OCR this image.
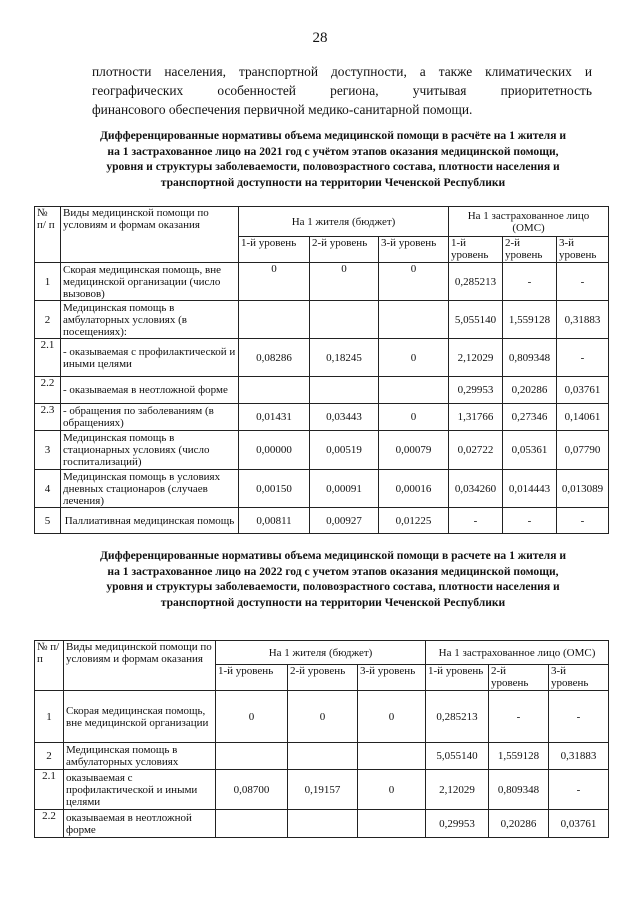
28
плотности населения, транспортной доступности, а также климатических и
географических особенностей региона, учитывая приоритетность
финансового обеспечения первичной медико-санитарной помощи.
Дифференцированные нормативы объема медицинской помощи в расчёте на 1 жителя и на 1 застрахованное лицо на 2021 год с учётом этапов оказания медицинской помощи, уровня и структуры заболеваемости, половозрастного состава, плотности населения и транспортной доступности на территории Чеченской Республики
№ п/ п	Виды медицинской помощи по условиям и формам оказания	На 1 жителя (бюджет)			На 1 застрахованное лицо (ОМС)		
		1-й уровень	2-й уровень	3-й уровень	1-й уровень	2-й уровень	3-й уровень
1	Скорая медицинская помощь, вне медицинской организации (число вызовов)	0	0	0	0,285213	-	-
2	Медицинская помощь в амбулаторных условиях (в посещениях):				5,055140	1,559128	0,31883
2.1	- оказываемая с профилактической и иными целями	0,08286	0,18245	0	2,12029	0,809348	-
2.2	- оказываемая в неотложной форме				0,29953	0,20286	0,03761
2.3	- обращения по заболеваниям (в обращениях)	0,01431	0,03443	0	1,31766	0,27346	0,14061
3	Медицинская помощь в стационарных условиях (число госпитализаций)	0,00000	0,00519	0,00079	0,02722	0,05361	0,07790
4	Медицинская помощь в условиях дневных стационаров (случаев лечения)	0,00150	0,00091	0,00016	0,034260	0,014443	0,013089
5	Паллиативная медицинская помощь	0,00811	0,00927	0,01225	-	-	-
Дифференцированные нормативы объема медицинской помощи в расчете на 1 жителя и на 1 застрахованное лицо на 2022 год с учетом этапов оказания медицинской помощи, уровня и структуры заболеваемости, половозрастного состава, плотности населения и транспортной доступности на территории Чеченской Республики
№ п/ п	Виды медицинской помощи по условиям и формам оказания	На 1 жителя (бюджет)			На 1 застрахованное лицо (ОМС)		
		1-й уровень	2-й уровень	3-й уровень	1-й уровень	2-й уровень	3-й уровень
1	Скорая медицинская помощь, вне медицинской организации	0	0	0	0,285213	-	-
2	Медицинская помощь в амбулаторных условиях				5,055140	1,559128	0,31883
2.1	оказываемая с профилактической и иными целями	0,08700	0,19157	0	2,12029	0,809348	-
2.2	оказываемая в неотложной форме				0,29953	0,20286	0,03761
